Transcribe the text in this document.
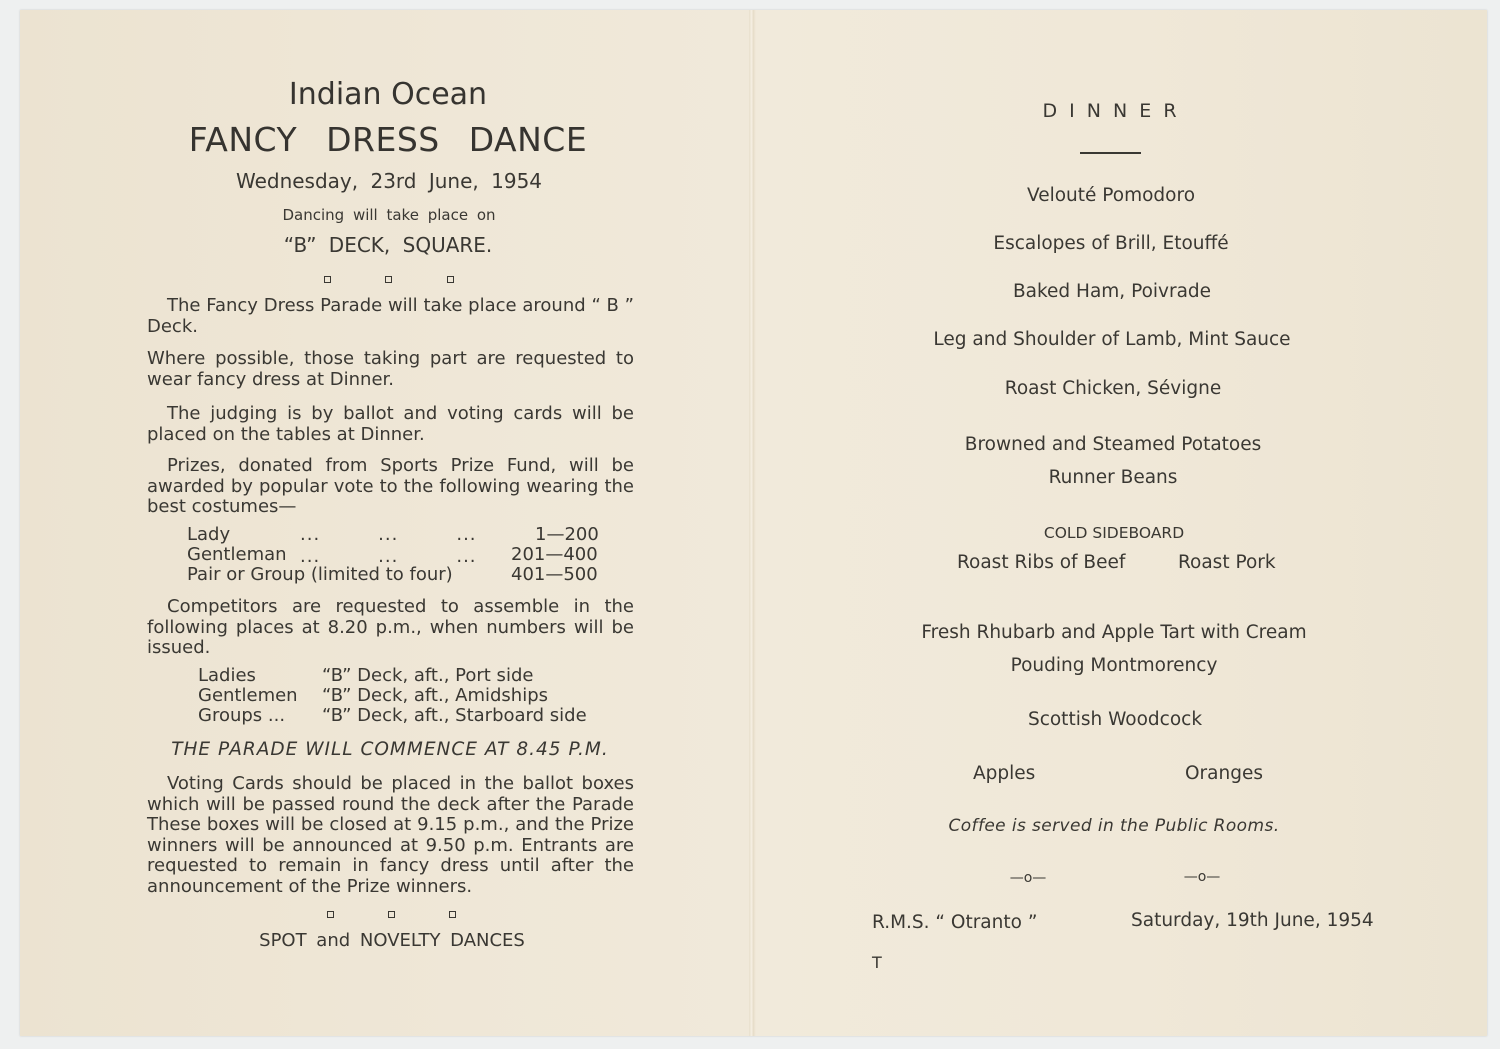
Indian Ocean
FANCY DRESS DANCE
Wednesday, 23rd June, 1954
Dancing will take place on
“B” DECK, SQUARE.
The Fancy Dress Parade will take place around “ B ” Deck.
Where possible, those taking part are requested to wear fancy dress at Dinner.
The judging is by ballot and voting cards will be placed on the tables at Dinner.
Prizes, donated from Sports Prize Fund, will be awarded by popular vote to the following wearing the best costumes—
Lady	...	...	...	1—200
Gentleman ...	...	... 201—400
Pair or Group (limited to four)	401—500
Competitors are requested to assemble in the following places at 8.20 p.m., when numbers will be issued.
Ladies	“B” Deck, aft., Port side
Gentlemen “B” Deck, aft., Amidships
Groups ... “B” Deck, aft., Starboard side
THE PARADE WILL COMMENCE AT 8.45 P.M.
Voting Cards should be placed in the ballot boxes which will be passed round the deck after the Parade These boxes will be closed at 9.15 p.m., and the Prize winners will be announced at 9.50 p.m. Entrants are requested to remain in fancy dress until after the announcement of the Prize winners.
SPOT and NOVELTY DANCES
D I N N E R
Velouté Pomodoro
Escalopes of Brill, Etouffé
Baked Ham, Poivrade
Leg and Shoulder of Lamb, Mint Sauce
Roast Chicken, Sévigne
Browned and Steamed Potatoes
Runner Beans
COLD SIDEBOARD
Roast Ribs of Beef	Roast Pork
Fresh Rhubarb and Apple Tart with Cream
Pouding Montmorency
Scottish Woodcock
Apples	Oranges
Coffee is served in the Public Rooms.
—o—	—o—
R.M.S. “ Otranto ”	Saturday, 19th June, 1954
T
